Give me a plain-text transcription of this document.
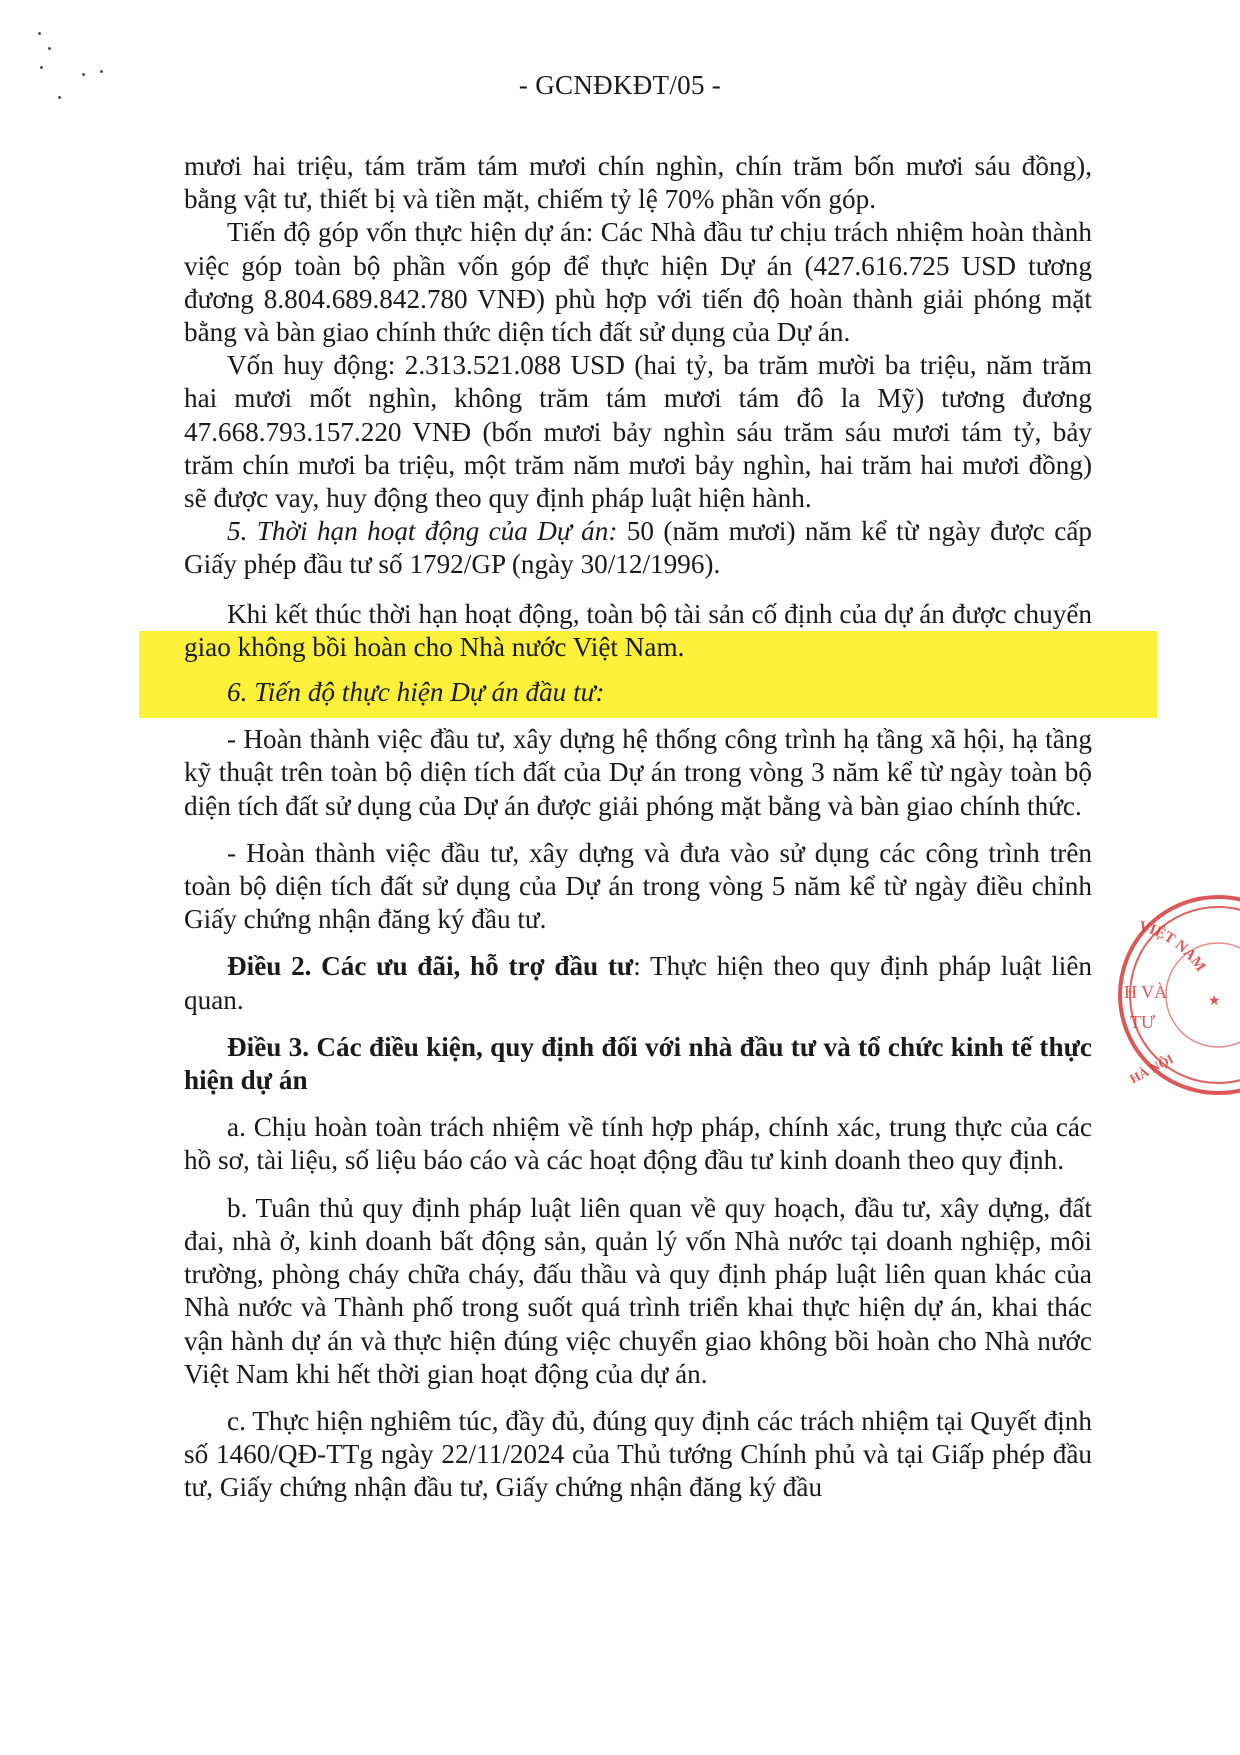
- GCNĐKĐT/05 -

mươi hai triệu, tám trăm tám mươi chín nghìn, chín trăm bốn mươi sáu đồng), bằng vật tư, thiết bị và tiền mặt, chiếm tỷ lệ 70% phần vốn góp.

Tiến độ góp vốn thực hiện dự án: Các Nhà đầu tư chịu trách nhiệm hoàn thành việc góp toàn bộ phần vốn góp để thực hiện Dự án (427.616.725 USD tương đương 8.804.689.842.780 VNĐ) phù hợp với tiến độ hoàn thành giải phóng mặt bằng và bàn giao chính thức diện tích đất sử dụng của Dự án.

Vốn huy động: 2.313.521.088 USD (hai tỷ, ba trăm mười ba triệu, năm trăm hai mươi mốt nghìn, không trăm tám mươi tám đô la Mỹ) tương đương 47.668.793.157.220 VNĐ (bốn mươi bảy nghìn sáu trăm sáu mươi tám tỷ, bảy trăm chín mươi ba triệu, một trăm năm mươi bảy nghìn, hai trăm hai mươi đồng) sẽ được vay, huy động theo quy định pháp luật hiện hành.

5. Thời hạn hoạt động của Dự án: 50 (năm mươi) năm kể từ ngày được cấp Giấy phép đầu tư số 1792/GP (ngày 30/12/1996).

Khi kết thúc thời hạn hoạt động, toàn bộ tài sản cố định của dự án được chuyển giao không bồi hoàn cho Nhà nước Việt Nam.

6. Tiến độ thực hiện Dự án đầu tư:

- Hoàn thành việc đầu tư, xây dựng hệ thống công trình hạ tầng xã hội, hạ tầng kỹ thuật trên toàn bộ diện tích đất của Dự án trong vòng 3 năm kể từ ngày toàn bộ diện tích đất sử dụng của Dự án được giải phóng mặt bằng và bàn giao chính thức.

- Hoàn thành việc đầu tư, xây dựng và đưa vào sử dụng các công trình trên toàn bộ diện tích đất sử dụng của Dự án trong vòng 5 năm kể từ ngày điều chỉnh Giấy chứng nhận đăng ký đầu tư.

Điều 2. Các ưu đãi, hỗ trợ đầu tư: Thực hiện theo quy định pháp luật liên quan.

Điều 3. Các điều kiện, quy định đối với nhà đầu tư và tổ chức kinh tế thực hiện dự án

a. Chịu hoàn toàn trách nhiệm về tính hợp pháp, chính xác, trung thực của các hồ sơ, tài liệu, số liệu báo cáo và các hoạt động đầu tư kinh doanh theo quy định.

b. Tuân thủ quy định pháp luật liên quan về quy hoạch, đầu tư, xây dựng, đất đai, nhà ở, kinh doanh bất động sản, quản lý vốn Nhà nước tại doanh nghiệp, môi trường, phòng cháy chữa cháy, đấu thầu và quy định pháp luật liên quan khác của Nhà nước và Thành phố trong suốt quá trình triển khai thực hiện dự án, khai thác vận hành dự án và thực hiện đúng việc chuyển giao không bồi hoàn cho Nhà nước Việt Nam khi hết thời gian hoạt động của dự án.

c. Thực hiện nghiêm túc, đầy đủ, đúng quy định các trách nhiệm tại Quyết định số 1460/QĐ-TTg ngày 22/11/2024 của Thủ tướng Chính phủ và tại Giấp phép đầu tư, Giấy chứng nhận đầu tư, Giấy chứng nhận đăng ký đầu

VIỆT NAM
H VÀ
TƯ
HÀ NỘI
★
